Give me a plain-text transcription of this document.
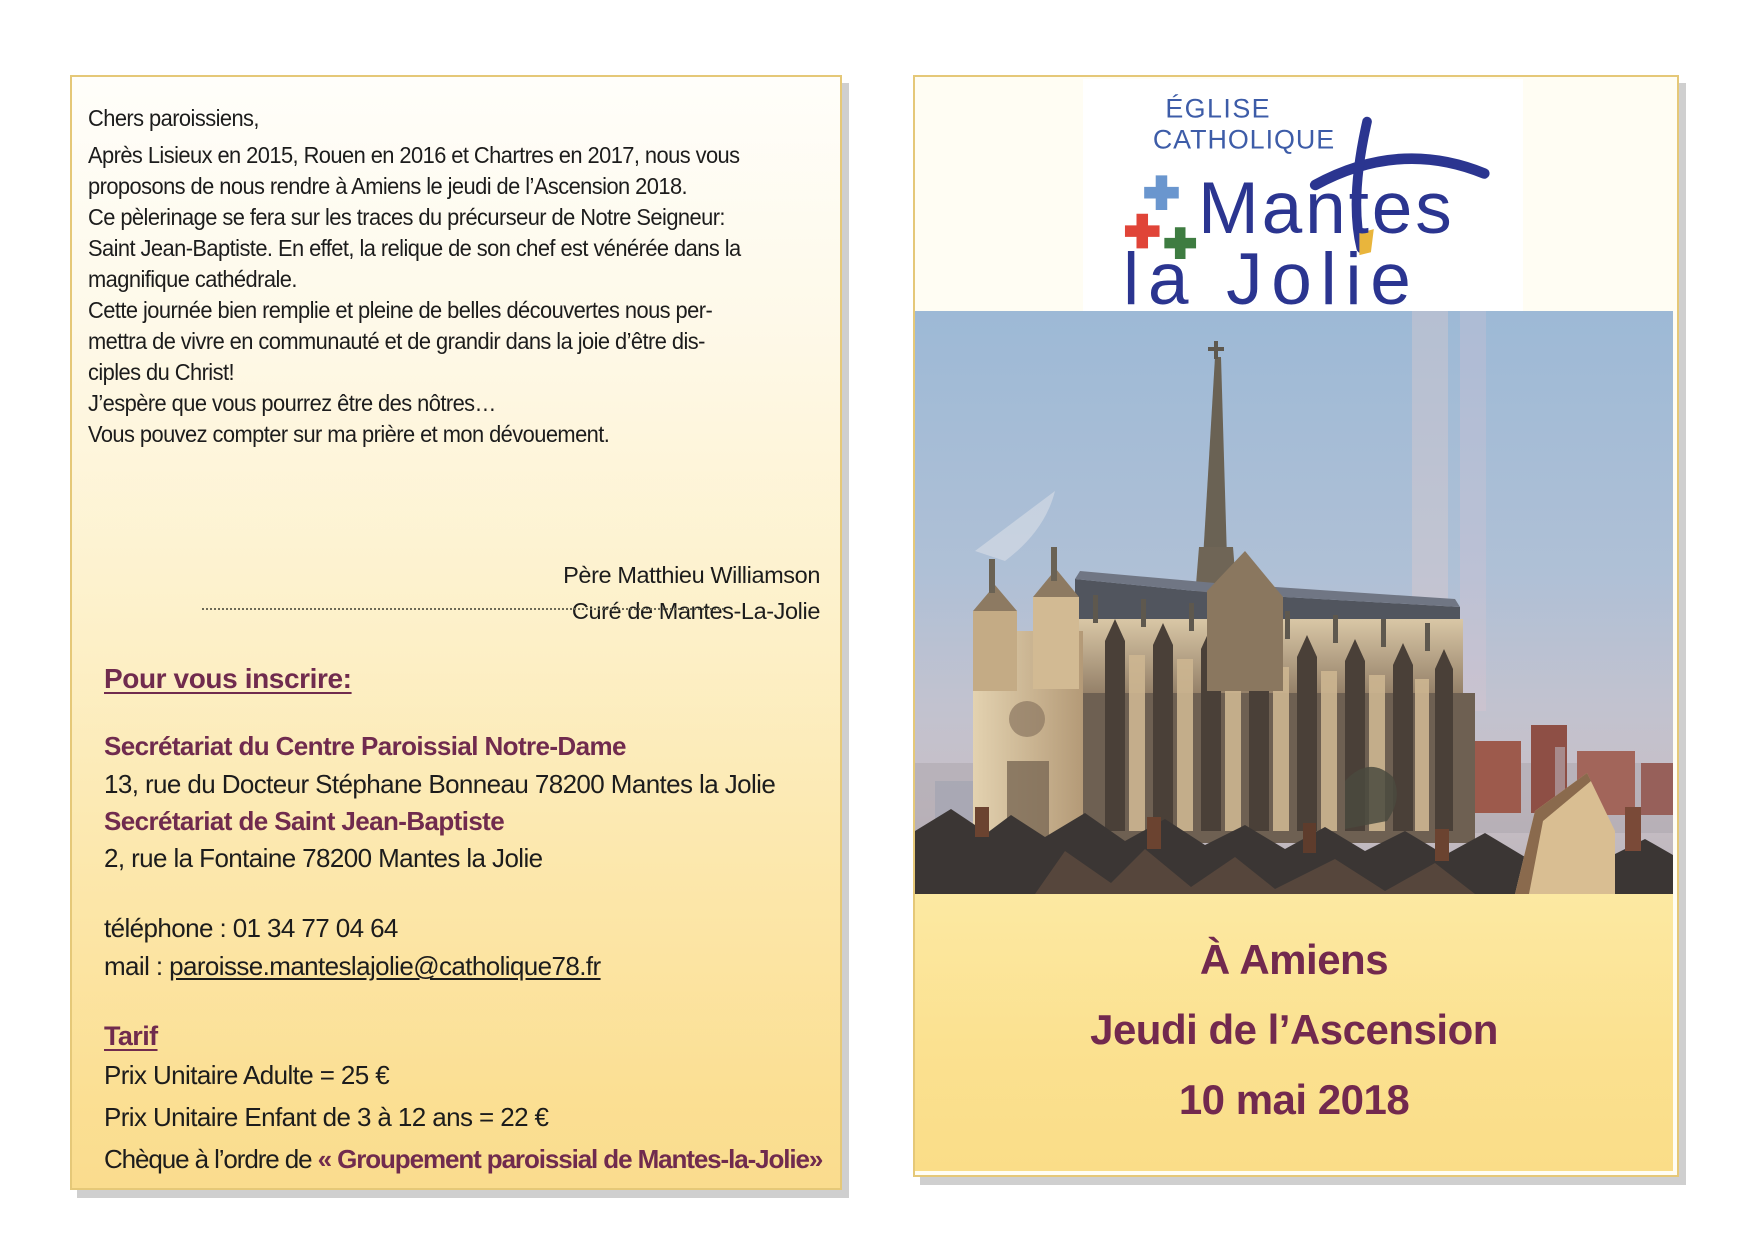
Chers paroissiens,
Après Lisieux en 2015, Rouen en 2016 et Chartres en 2017, nous vous
proposons de nous rendre à Amiens le jeudi de l’Ascension 2018.
Ce pèlerinage se fera sur les traces du précurseur de Notre Seigneur:
Saint Jean-Baptiste. En effet, la relique de son chef est vénérée dans la
magnifique cathédrale.
Cette journée bien remplie et pleine de belles découvertes nous per-
mettra de vivre en communauté et de grandir dans la joie d’être dis-
ciples du Christ!
J’espère que vous pourrez être des nôtres…
Vous pouvez compter sur ma prière et mon dévouement.
Père Matthieu Williamson
Curé de Mantes-La-Jolie
Pour vous inscrire:
Secrétariat du Centre Paroissial Notre-Dame
13, rue du Docteur Stéphane Bonneau 78200 Mantes la Jolie
Secrétariat de Saint Jean-Baptiste
2, rue la Fontaine 78200 Mantes la Jolie
téléphone : 01 34 77 04 64
mail : paroisse.manteslajolie@catholique78.fr
Tarif
Prix Unitaire Adulte = 25 €
Prix Unitaire Enfant de 3 à 12 ans = 22 €
Chèque à l’ordre de « Groupement paroissial de Mantes-la-Jolie»
ÉGLISE
CATHOLIQUE
Mantes
la Jolie
À Amiens
Jeudi de l’Ascension
10 mai 2018
